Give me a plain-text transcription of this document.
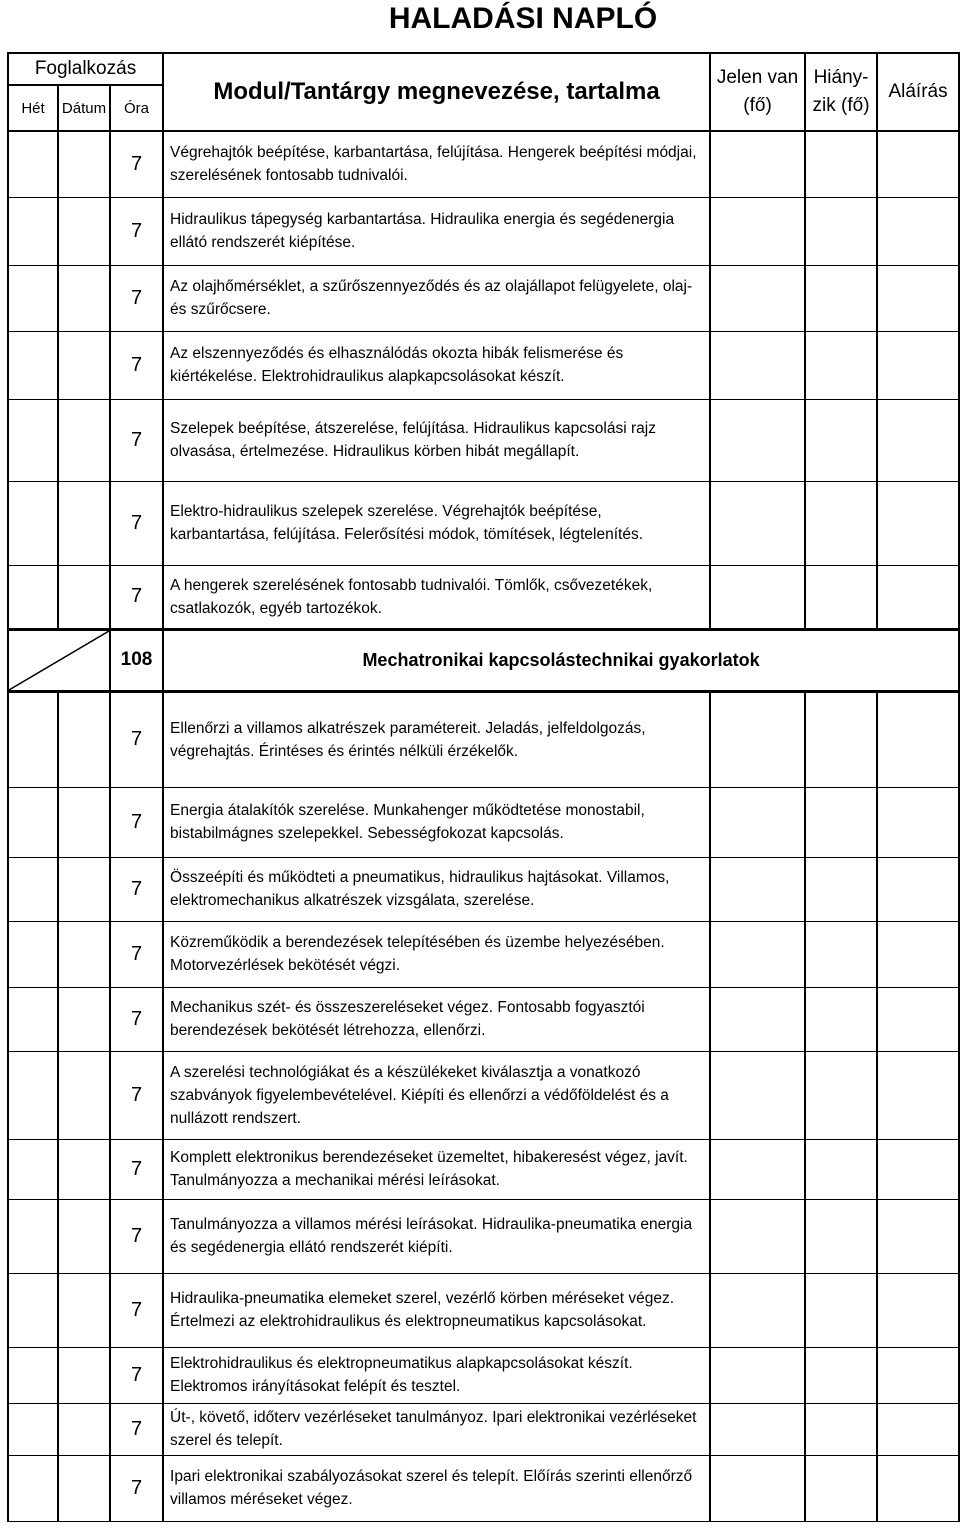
HALADÁSI NAPLÓ
Foglalkozás			Modul/Tantárgy megnevezése, tartalma	Jelen van (fő)	Hiány-zik (fő)	Aláírás
Hét	Dátum	Óra				
		7	Végrehajtók beépítése, karbantartása, felújítása. Hengerek beépítési módjai, szerelésének fontosabb tudnivalói.			
		7	Hidraulikus tápegység karbantartása. Hidraulika energia és segédenergia ellátó rendszerét kiépítése.			
		7	Az olajhőmérséklet, a szűrőszennyeződés és az olajállapot felügyelete, olaj- és szűrőcsere.			
		7	Az elszennyeződés és elhasználódás okozta hibák felismerése és kiértékelése. Elektrohidraulikus alapkapcsolásokat készít.			
		7	Szelepek beépítése, átszerelése, felújítása. Hidraulikus kapcsolási rajz olvasása, értelmezése. Hidraulikus körben hibát megállapít.			
		7	Elektro-hidraulikus szelepek szerelése. Végrehajtók beépítése, karbantartása, felújítása. Felerősítési módok, tömítések, légtelenítés.			
		7	A hengerek szerelésének fontosabb tudnivalói. Tömlők, csővezetékek, csatlakozók, egyéb tartozékok.			

	108	Mechatronikai kapcsolástechnikai gyakorlatok			
		7	Ellenőrzi a villamos alkatrészek paramétereit. Jeladás, jelfeldolgozás, végrehajtás. Érintéses és érintés nélküli érzékelők.			
		7	Energia átalakítók szerelése. Munkahenger működtetése monostabil, bistabilmágnes szelepekkel. Sebességfokozat kapcsolás.			
		7	Összeépíti és működteti a pneumatikus, hidraulikus hajtásokat. Villamos, elektromechanikus alkatrészek vizsgálata, szerelése.			
		7	Közreműködik a berendezések telepítésében és üzembe helyezésében. Motorvezérlések bekötését végzi.			
		7	Mechanikus szét- és összeszereléseket végez. Fontosabb fogyasztói berendezések bekötését létrehozza, ellenőrzi.			
		7	A szerelési technológiákat és a készülékeket kiválasztja a vonatkozó szabványok figyelembevételével. Kiépíti és ellenőrzi a védőföldelést és a nullázott rendszert.			
		7	Komplett elektronikus berendezéseket üzemeltet, hibakeresést végez, javít. Tanulmányozza a mechanikai mérési leírásokat.			
		7	Tanulmányozza a villamos mérési leírásokat. Hidraulika-pneumatika energia és segédenergia ellátó rendszerét kiépíti.			
		7	Hidraulika-pneumatika elemeket szerel, vezérlő körben méréseket végez. Értelmezi az elektrohidraulikus és elektropneumatikus kapcsolásokat.			
		7	Elektrohidraulikus és elektropneumatikus alapkapcsolásokat készít. Elektromos irányításokat felépít és tesztel.			
		7	Út-, követő, időterv vezérléseket tanulmányoz. Ipari elektronikai vezérléseket szerel és telepít.			
		7	Ipari elektronikai szabályozásokat szerel és telepít. Előírás szerinti ellenőrző villamos méréseket végez.			
